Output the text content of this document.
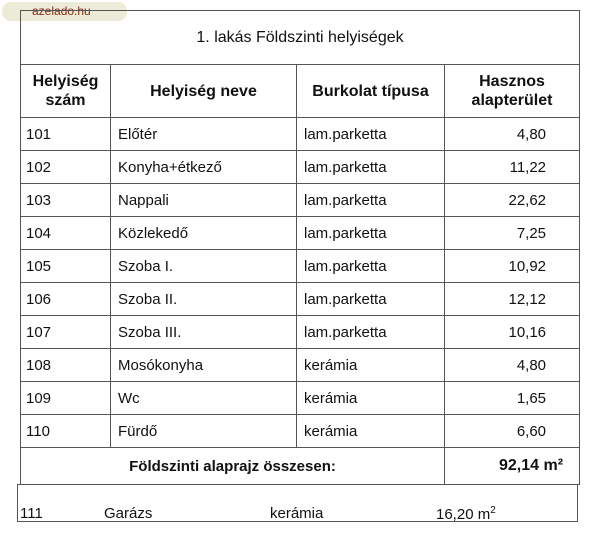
azelado.hu
1. lakás Földszinti helyiségek			
Helyiség
szám	Helyiség neve	Burkolat típusa	Hasznos
alapterület
101	Előtér	lam.parketta	4,80
102	Konyha+étkező	lam.parketta	11,22
103	Nappali	lam.parketta	22,62
104	Közlekedő	lam.parketta	7,25
105	Szoba I.	lam.parketta	10,92
106	Szoba II.	lam.parketta	12,12
107	Szoba III.	lam.parketta	10,16
108	Mosókonyha	kerámia	4,80
109	Wc	kerámia	1,65
110	Fürdő	kerámia	6,60
Földszinti alaprajz összesen:			92,14 m²
111	Garázs	kerámia	16,20 $m^2$
